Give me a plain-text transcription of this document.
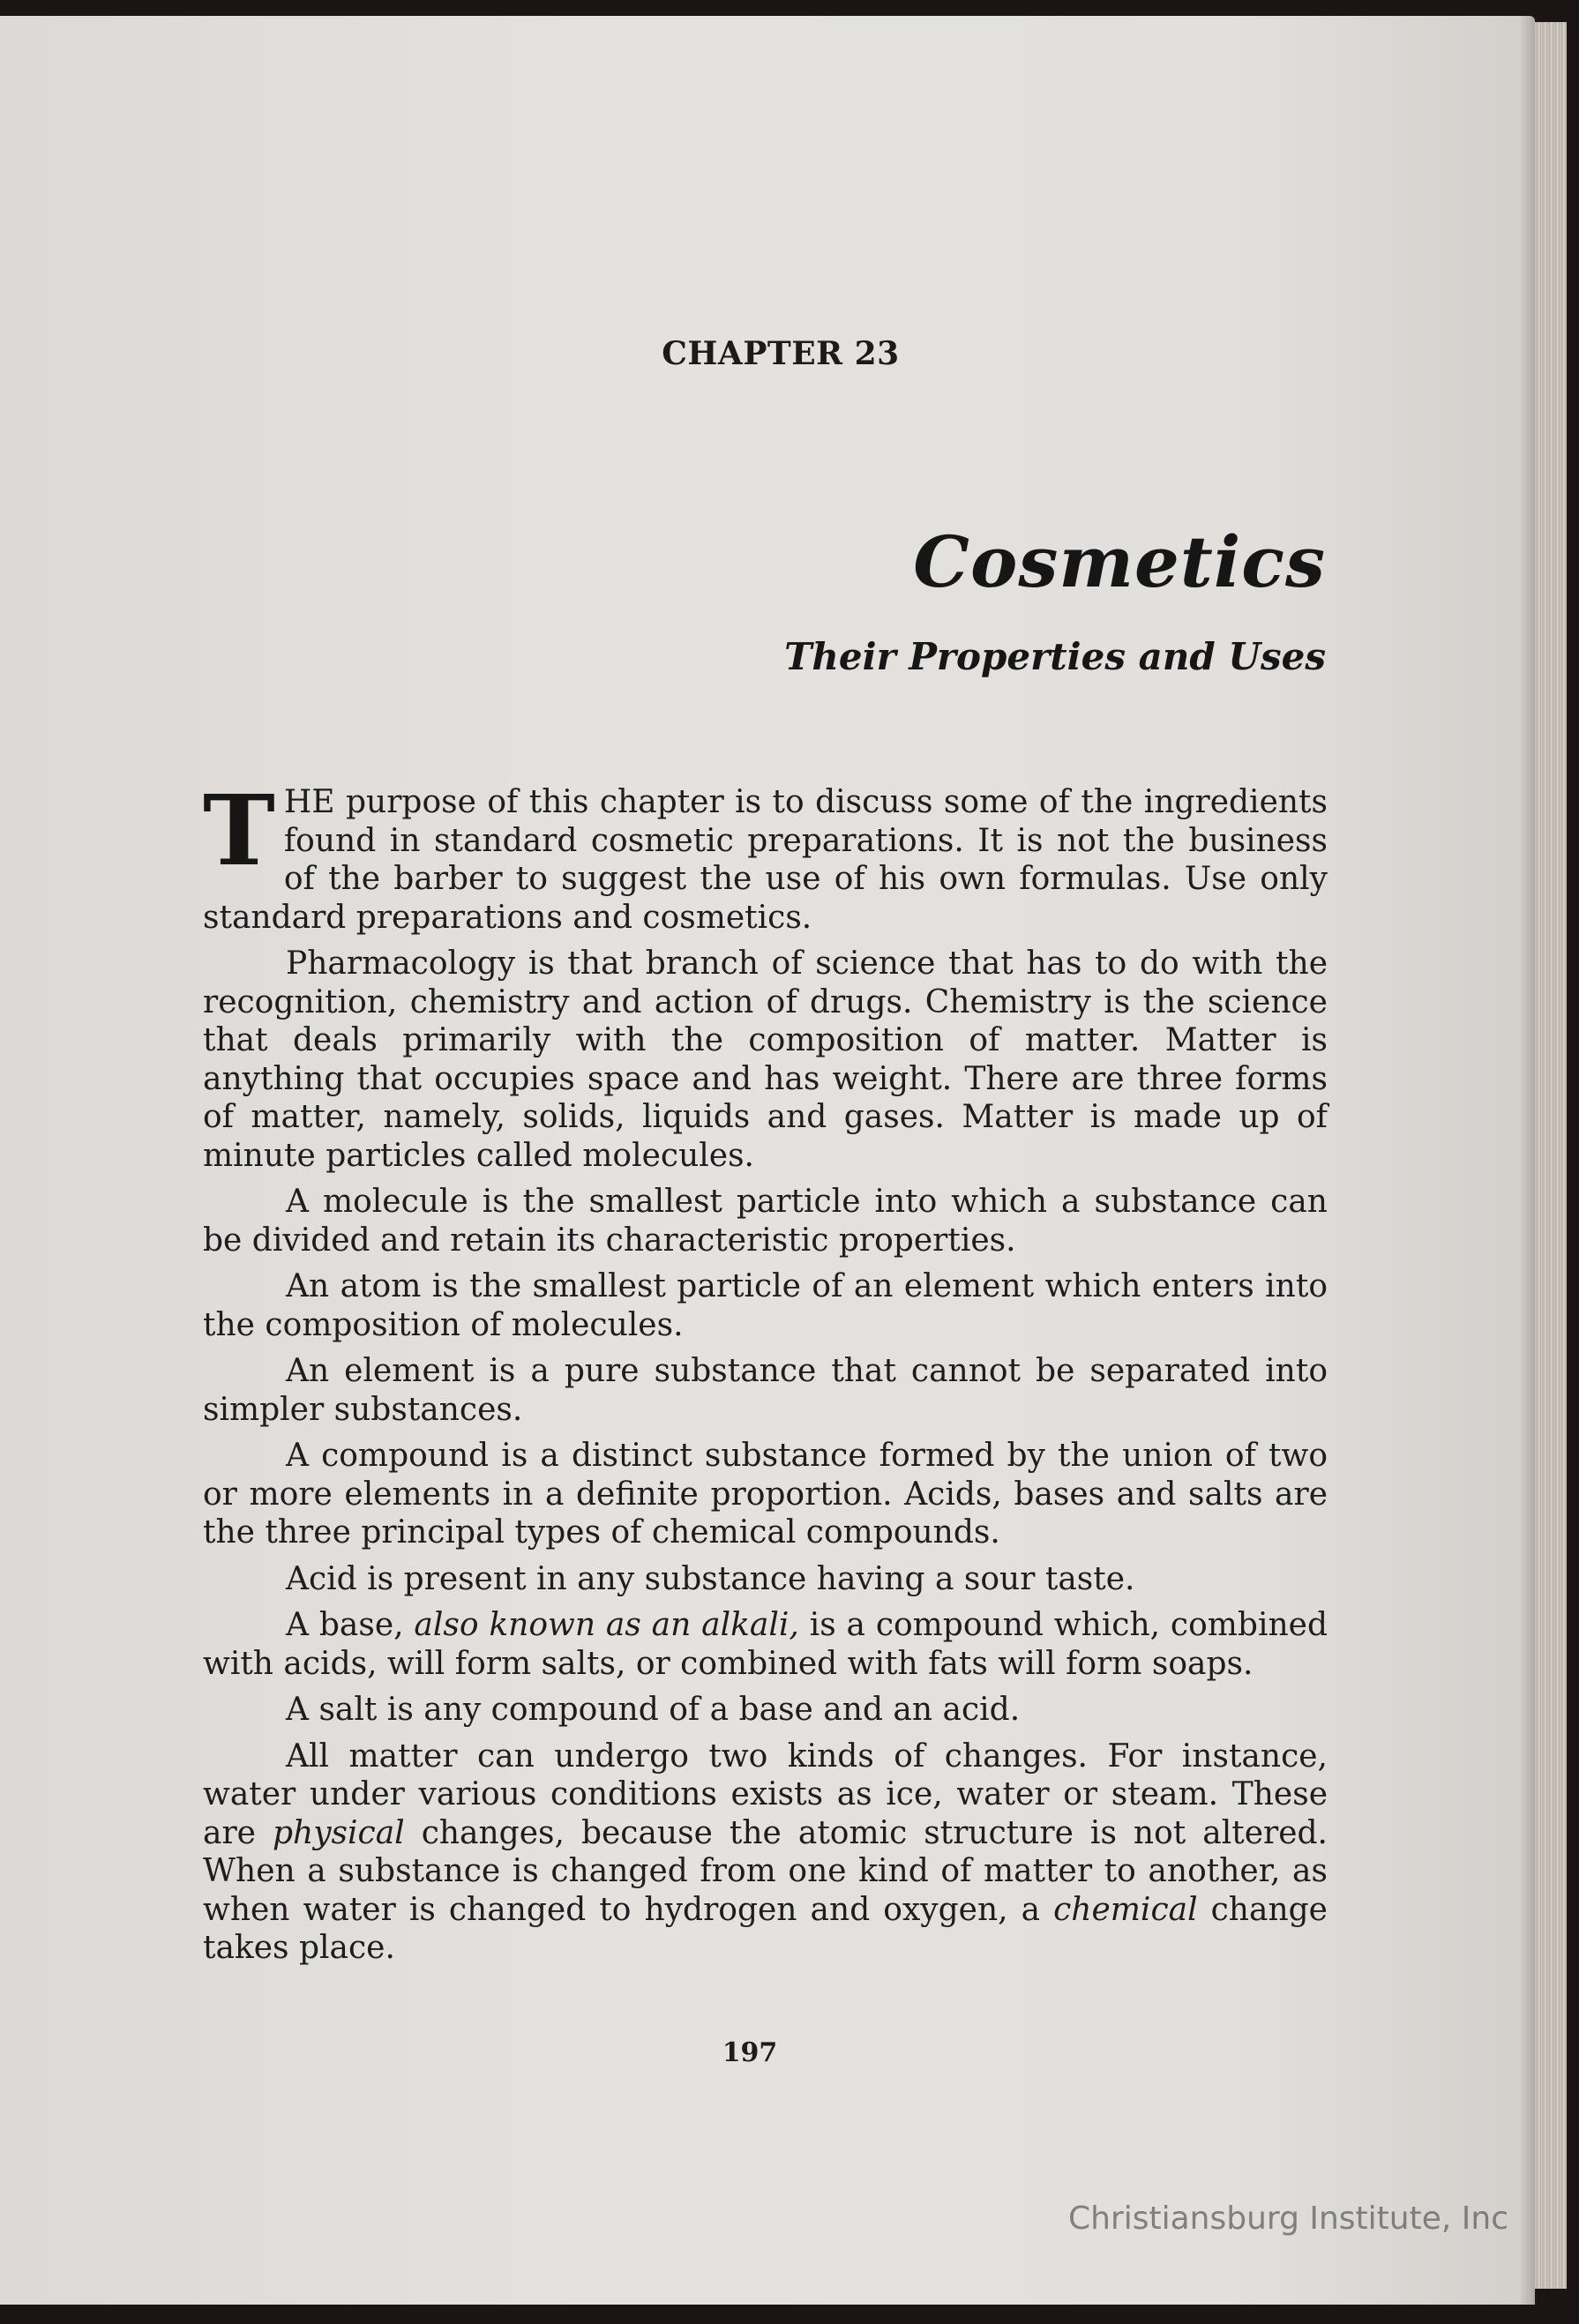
CHAPTER 23
Cosmetics
Their Properties and Uses

THE purpose of this chapter is to discuss some of the ingredients found in standard cosmetic preparations. It is not the business of the barber to suggest the use of his own formulas. Use only standard preparations and cosmetics.

Pharmacology is that branch of science that has to do with the recognition, chemistry and action of drugs. Chemistry is the science that deals primarily with the composition of matter. Matter is anything that occupies space and has weight. There are three forms of matter, namely, solids, liquids and gases. Matter is made up of minute particles called molecules.

A molecule is the smallest particle into which a substance can be divided and retain its characteristic properties.

An atom is the smallest particle of an element which enters into the composition of molecules.

An element is a pure substance that cannot be separated into simpler substances.

A compound is a distinct substance formed by the union of two or more elements in a definite proportion. Acids, bases and salts are the three principal types of chemical compounds.

Acid is present in any substance having a sour taste.

A base, also known as an alkali, is a compound which, combined with acids, will form salts, or combined with fats will form soaps.

A salt is any compound of a base and an acid.

All matter can undergo two kinds of changes. For instance, water under various conditions exists as ice, water or steam. These are physical changes, because the atomic structure is not altered. When a substance is changed from one kind of matter to another, as when water is changed to hydrogen and oxygen, a chemical change takes place.

197
Christiansburg Institute, Inc
